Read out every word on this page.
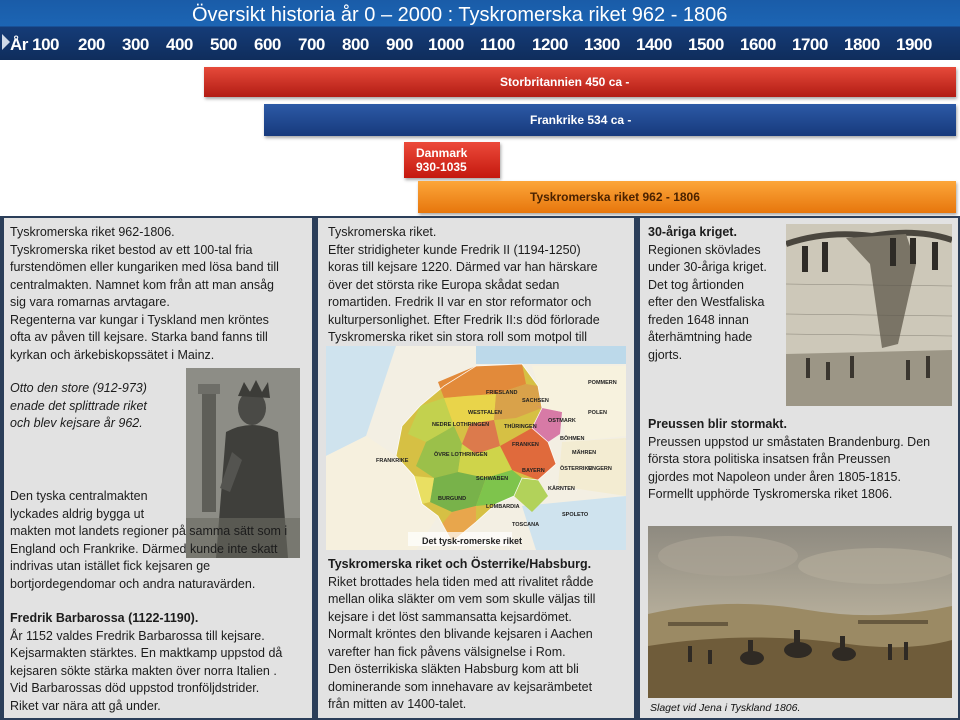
Översikt historia år 0 – 2000 : Tyskromerska riket 962 - 1806
År 100 200 300 400 500 600 700 800 900 1000 1100 1200 1300 1400 1500 1600 1700 1800 1900
Storbritannien 450 ca -
Frankrike 534 ca -
Danmark
930-1035
Tyskromerska riket 962 - 1806

Tyskromerska riket 962-1806.

Tyskromerska riket bestod av ett 100-tal fria

furstendömen eller kungariken med lösa band till

centralmakten. Namnet kom från att man ansåg

sig vara romarnas arvtagare.

Regenterna var kungar i Tyskland men kröntes

ofta av påven till kejsare. Starka band fanns till

kyrkan och ärkebiskopssätet i Mainz.

Otto den store (912-973)

enade det splittrade riket

och blev kejsare år 962.

Den tyska centralmakten

lyckades aldrig bygga ut

makten mot landets regioner på samma sätt som i

England och Frankrike. Därmed kunde inte skatt

indrivas utan istället fick kejsaren ge

bortjordegendomar och andra naturavärden.

Fredrik Barbarossa (1122-1190).

År 1152 valdes Fredrik Barbarossa till kejsare.

Kejsarmakten stärktes. En maktkamp uppstod då

kejsaren sökte stärka makten över norra Italien .

Vid Barbarossas död uppstod tronföljdstrider.

Riket var nära att gå under.

Tyskromerska riket.

Efter stridigheter kunde Fredrik II (1194-1250)

koras till kejsare 1220. Därmed var han härskare

över det största rike Europa skådat sedan

romartiden. Fredrik II var en stor reformator och

kulturpersonlighet. Efter Fredrik II:s död förlorade

Tyskromerska riket sin stora roll som motpol till

FRIESLAND
SACHSEN
POMMERN
WESTFALEN
NEDRE LOTHRINGEN	THÜRINGEN
OSTMARK
FRANKEN
BÖHMEN
ÖVRE LOTHRINGEN	MÄHREN
BAYERN
SCHWABEN
ÖSTERRIKE
BURGUND
KÄRNTEN
LOMBARDIA
TOSCANA
FRANKRIKE
POLEN
UNGERN
SPOLETO
Det tysk-romerske riket

Tyskromerska riket och Österrike/Habsburg.

Riket brottades hela tiden med att rivalitet rådde

mellan olika släkter om vem som skulle väljas till

kejsare i det löst sammansatta kejsardömet.

Normalt kröntes den blivande kejsaren i Aachen

varefter han fick påvens välsignelse i Rom.

Den österrikiska släkten Habsburg kom att bli

dominerande som innehavare av kejsarämbetet

från mitten av 1400-talet.

30-åriga kriget.

Regionen skövlades

under 30-åriga kriget.

Det tog årtionden

efter den Westfaliska

freden 1648 innan

återhämtning hade

gjorts.

Preussen blir stormakt.

Preussen uppstod ur småstaten Brandenburg. Den

första stora politiska insatsen från Preussen

gjordes mot Napoleon under åren 1805-1815.

Formellt upphörde Tyskromerska riket 1806.

Slaget vid Jena i Tyskland 1806.
